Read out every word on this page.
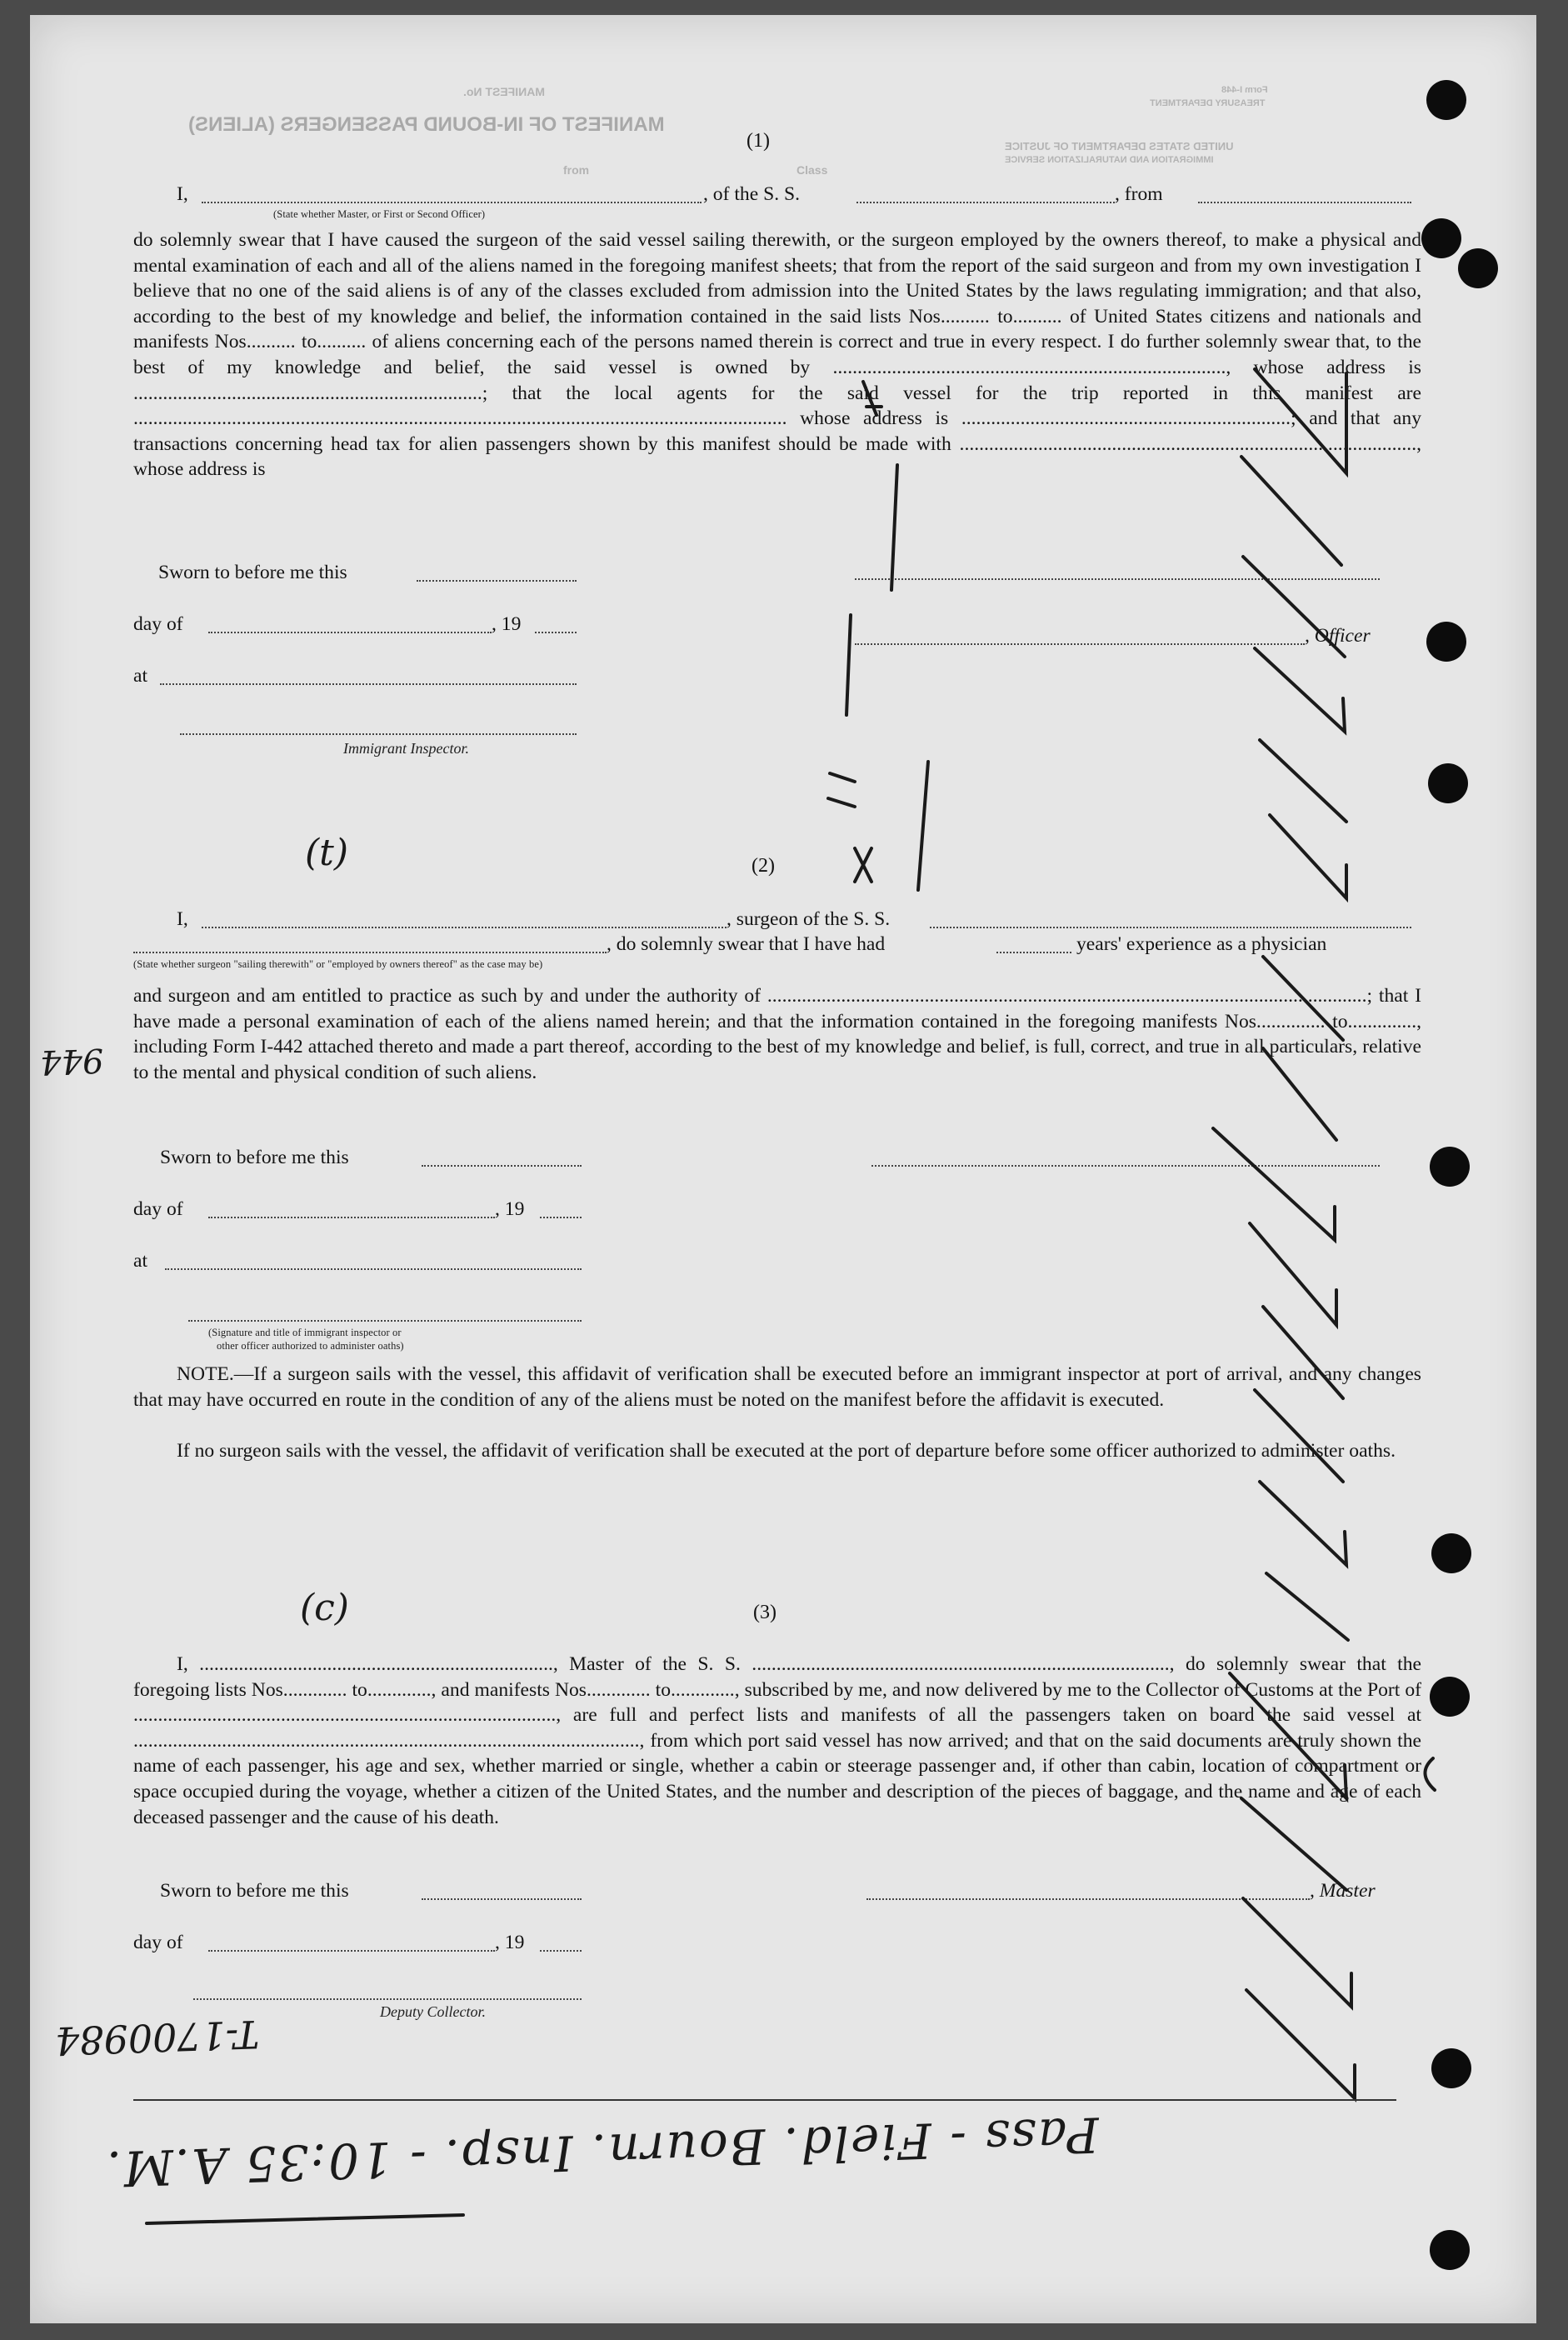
MANIFEST OF IN-BOUND PASSENGERS (ALIENS)
MANIFEST No.
Class
from
Form I-448
TREASURY DEPARTMENT
UNITED STATES DEPARTMENT OF JUSTICE
IMMIGRATION AND NATURALIZATION SERVICE
(1)
I,	, of the S. S.	, from
(State whether Master, or First or Second Officer)
do solemnly swear that I have caused the surgeon of the said vessel sailing therewith, or the surgeon employed by the owners thereof, to make a physical and mental examination of each and all of the aliens named in the foregoing manifest sheets; that from the report of the said surgeon and from my own investigation I believe that no one of the said aliens is of any of the classes excluded from admission into the United States by the laws regulating immigration; and that also, according to the best of my knowledge and belief, the information contained in the said lists Nos.......... to.......... of United States citizens and nationals and manifests Nos.......... to.......... of aliens concerning each of the persons named therein is correct and true in every respect. I do further solemnly swear that, to the best of my knowledge and belief, the said vessel is owned by ................................................................................, whose address is .......................................................................; that the local agents for the said vessel for the trip reported in this manifest are ..................................................................................................................................... whose address is ...................................................................; and that any transactions concerning head tax for alien passengers shown by this manifest should be made with ............................................................................................., whose address is
Sworn to before me this
day of	, 19
at
Immigrant Inspector.
, Officer
(2)
I,	, surgeon of the S. S.
, do solemnly swear that I have had	years' experience as a physician
(State whether surgeon "sailing therewith" or "employed by owners thereof" as the case may be)
and surgeon and am entitled to practice as such by and under the authority of ..........................................................................................................................; that I have made a personal examination of each of the aliens named herein; and that the information contained in the foregoing manifests Nos.............. to.............., including Form I-442 attached thereto and made a part thereof, according to the best of my knowledge and belief, is full, correct, and true in all particulars, relative to the mental and physical condition of such aliens.
Sworn to before me this
day of	, 19
at
(Signature and title of immigrant inspector or
other officer authorized to administer oaths)
NOTE.—If a surgeon sails with the vessel, this affidavit of verification shall be executed before an immigrant inspector at port of arrival, and any changes that may have occurred en route in the condition of any of the aliens must be noted on the manifest before the affidavit is executed.
If no surgeon sails with the vessel, the affidavit of verification shall be executed at the port of departure before some officer authorized to administer oaths.
(3)
I, ........................................................................, Master of the S. S. ....................................................................................., do solemnly swear that the foregoing lists Nos............. to............., and manifests Nos............. to............., subscribed by me, and now delivered by me to the Collector of Customs at the Port of ......................................................................................, are full and perfect lists and manifests of all the passengers taken on board the said vessel at ......................................................................................................., from which port said vessel has now arrived; and that on the said documents are truly shown the name of each passenger, his age and sex, whether married or single, whether a cabin or steerage passenger and, if other than cabin, location of compartment or space occupied during the voyage, whether a citizen of the United States, and the number and description of the pieces of baggage, and the name and age of each deceased passenger and the cause of his death.
Sworn to before me this
day of	, 19
Deputy Collector.
, Master
T-1700984
(t)
(c)
944
Pass - Field. Bourn. Insp. - 10:35 A.M.
